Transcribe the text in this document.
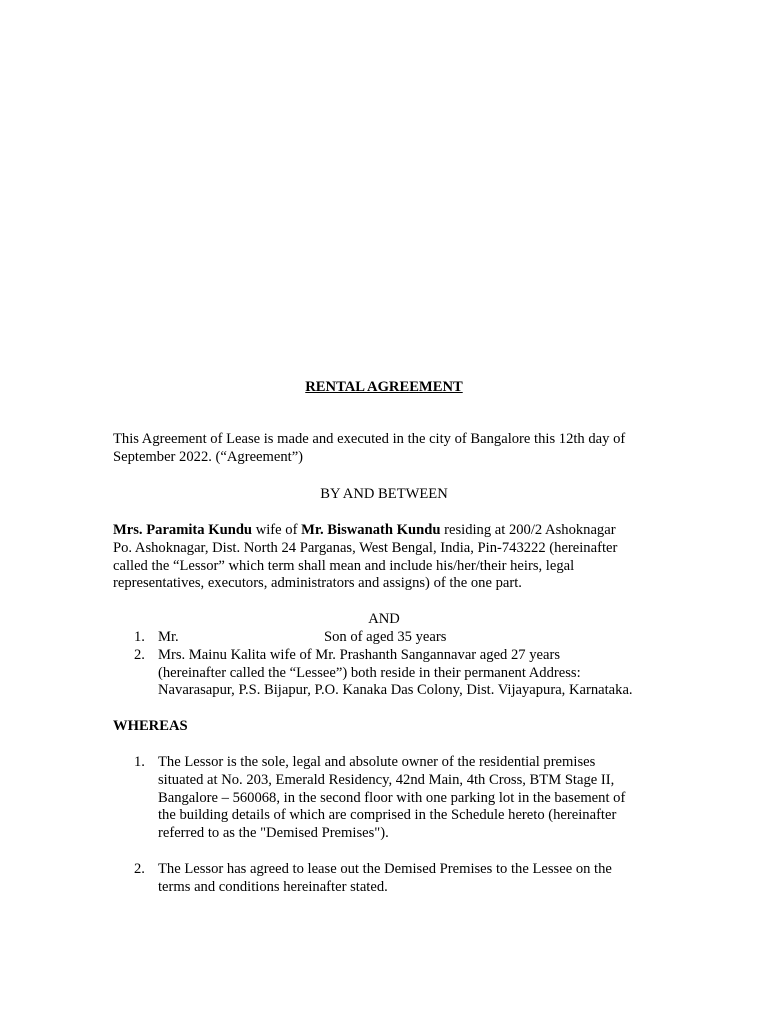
RENTAL AGREEMENT

This Agreement of Lease is made and executed in the city of Bangalore this 12th day of
September 2022. (“Agreement”)

BY AND BETWEEN

Mrs. Paramita Kundu wife of Mr. Biswanath Kundu residing at 200/2 Ashoknagar
Po. Ashoknagar, Dist. North 24 Parganas, West Bengal, India, Pin-743222 (hereinafter
called the “Lessor” which term shall mean and include his/her/their heirs, legal
representatives, executors, administrators and assigns) of the one part.

AND

1. Mr.	Son of aged 35 years
2. Mrs. Mainu Kalita wife of Mr. Prashanth Sangannavar aged 27 years
(hereinafter called the “Lessee”) both reside in their permanent Address:
Navarasapur, P.S. Bijapur, P.O. Kanaka Das Colony, Dist. Vijayapura, Karnataka.

WHEREAS

1. The Lessor is the sole, legal and absolute owner of the residential premises
situated at No. 203, Emerald Residency, 42nd Main, 4th Cross, BTM Stage II,
Bangalore – 560068, in the second floor with one parking lot in the basement of
the building details of which are comprised in the Schedule hereto (hereinafter
referred to as the "Demised Premises").
2. The Lessor has agreed to lease out the Demised Premises to the Lessee on the
terms and conditions hereinafter stated.
